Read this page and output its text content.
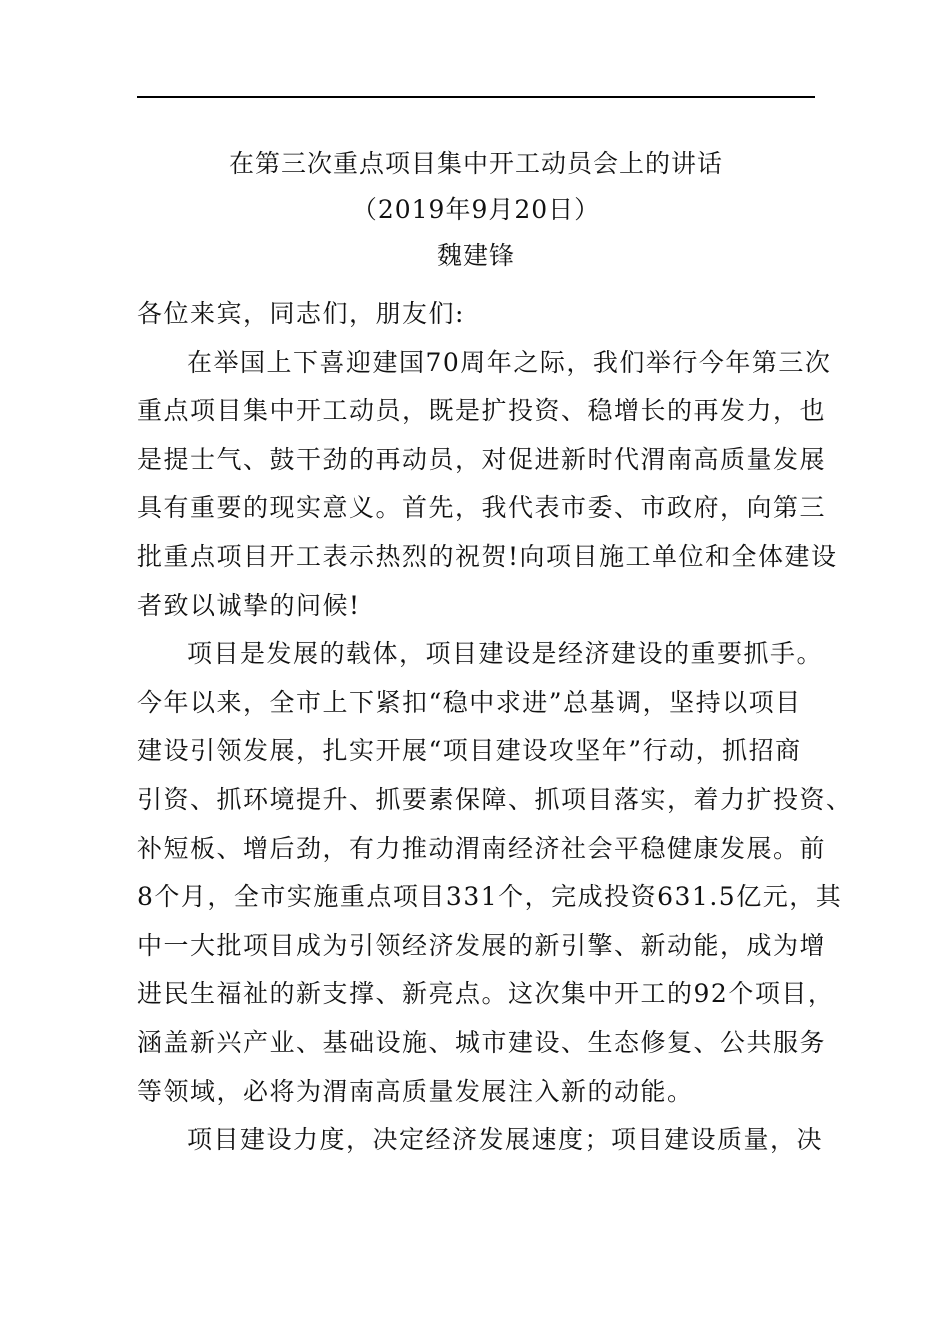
在第三次重点项目集中开工动员会上的讲话
（2019年9月20日）
魏建锋
各位来宾，同志们，朋友们:
在举国上下喜迎建国70周年之际，我们举行今年第三次
重点项目集中开工动员，既是扩投资、稳增长的再发力，也
是提士气、鼓干劲的再动员，对促进新时代渭南高质量发展
具有重要的现实意义。首先，我代表市委、市政府，向第三
批重点项目开工表示热烈的祝贺!向项目施工单位和全体建设
者致以诚挚的问候!
项目是发展的载体，项目建设是经济建设的重要抓手。
今年以来，全市上下紧扣“稳中求进”总基调，坚持以项目
建设引领发展，扎实开展“项目建设攻坚年”行动，抓招商
引资、抓环境提升、抓要素保障、抓项目落实，着力扩投资、
补短板、增后劲，有力推动渭南经济社会平稳健康发展。前
8个月，全市实施重点项目331个，完成投资631.5亿元，其
中一大批项目成为引领经济发展的新引擎、新动能，成为增
进民生福祉的新支撑、新亮点。这次集中开工的92个项目，
涵盖新兴产业、基础设施、城市建设、生态修复、公共服务
等领域，必将为渭南高质量发展注入新的动能。
项目建设力度，决定经济发展速度；项目建设质量，决
